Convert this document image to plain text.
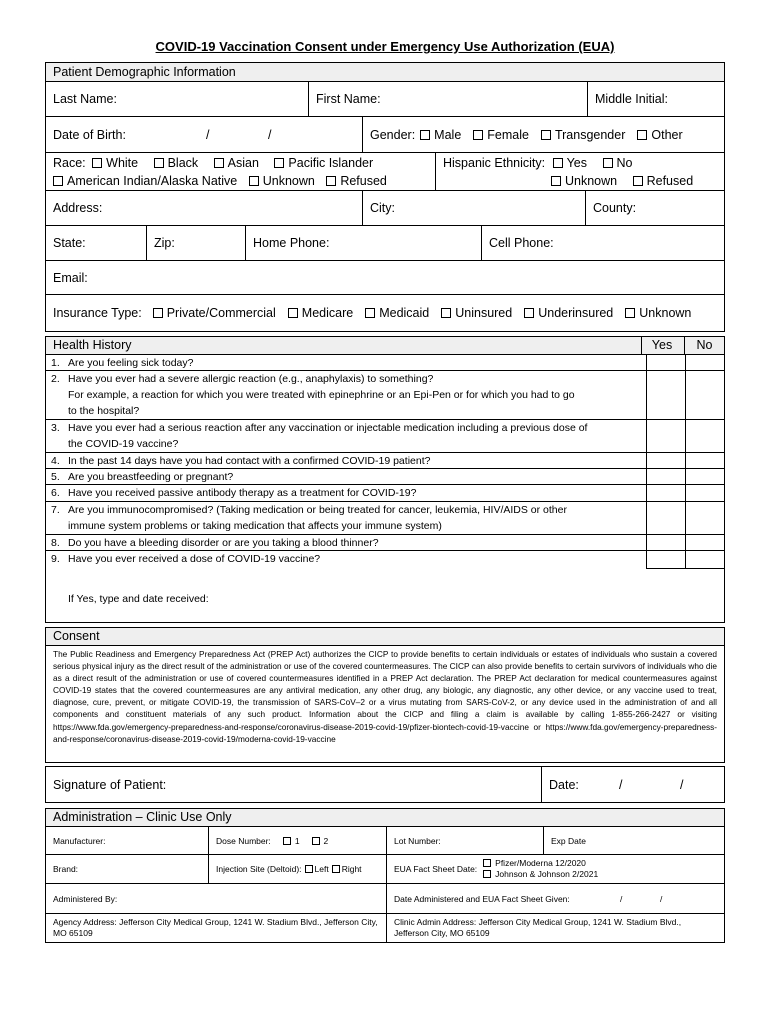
COVID-19 Vaccination Consent under Emergency Use Authorization (EUA)
Patient Demographic Information
Last Name:	First Name:	Middle Initial:
Date of Birth:	/	/	Gender:	Male	Female	Transgender	Other
Race: White Black Asian Pacific Islander
American Indian/Alaska Native Unknown Refused
Hispanic Ethnicity: Yes No
Unknown Refused
Address:	City:	County:
State:	Zip:	Home Phone:	Cell Phone:
Email:
Insurance Type:	Private/Commercial	Medicare	Medicaid	Uninsured	Underinsured	Unknown
Health History	Yes	No
1. Are you feeling sick today?
2. Have you ever had a severe allergic reaction (e.g., anaphylaxis) to something?
For example, a reaction for which you were treated with epinephrine or an Epi-Pen or for which you had to go
to the hospital?
3. Have you ever had a serious reaction after any vaccination or injectable medication including a previous dose of
the COVID-19 vaccine?
4. In the past 14 days have you had contact with a confirmed COVID-19 patient?
5. Are you breastfeeding or pregnant?
6. Have you received passive antibody therapy as a treatment for COVID-19?
7. Are you immunocompromised? (Taking medication or being treated for cancer, leukemia, HIV/AIDS or other
immune system problems or taking medication that affects your immune system)
8. Do you have a bleeding disorder or are you taking a blood thinner?
9. Have you ever received a dose of COVID-19 vaccine?
If Yes, type and date received:
Consent
The Public Readiness and Emergency Preparedness Act (PREP Act) authorizes the CICP to provide benefits to certain individuals or estates of individuals who sustain a covered serious physical injury as the direct result of the administration or use of the covered countermeasures. The CICP can also provide benefits to certain survivors of individuals who die as a direct result of the administration or use of covered countermeasures identified in a PREP Act declaration. The PREP Act declaration for medical countermeasures against COVID-19 states that the covered countermeasures are any antiviral medication, any other drug, any biologic, any diagnostic, any other device, or any vaccine used to treat, diagnose, cure, prevent, or mitigate COVID-19, the transmission of SARS-CoV–2 or a virus mutating from SARS-CoV-2, or any device used in the administration of and all components and constituent materials of any such product. Information about the CICP and filing a claim is available by calling 1-855-266-2427 or visiting https://www.fda.gov/emergency-preparedness-and-response/coronavirus-disease-2019-covid-19/pfizer-biontech-covid-19-vaccine or https://www.fda.gov/emergency-preparedness-and-response/coronavirus-disease-2019-covid-19/moderna-covid-19-vaccine
Signature of Patient:	Date:	/	/
Administration – Clinic Use Only
Manufacturer:	Dose Number:	1	2	Lot Number:	Exp Date
Brand:	Injection Site (Deltoid):	Left	Right	EUA Fact Sheet Date:
Pfizer/Moderna 12/2020
Johnson & Johnson 2/2021
Administered By:	Date Administered and EUA Fact Sheet Given:	/	/
Agency Address: Jefferson City Medical Group, 1241 W. Stadium Blvd., Jefferson City, MO 65109
Clinic Admin Address: Jefferson City Medical Group, 1241 W. Stadium Blvd., Jefferson City, MO 65109
